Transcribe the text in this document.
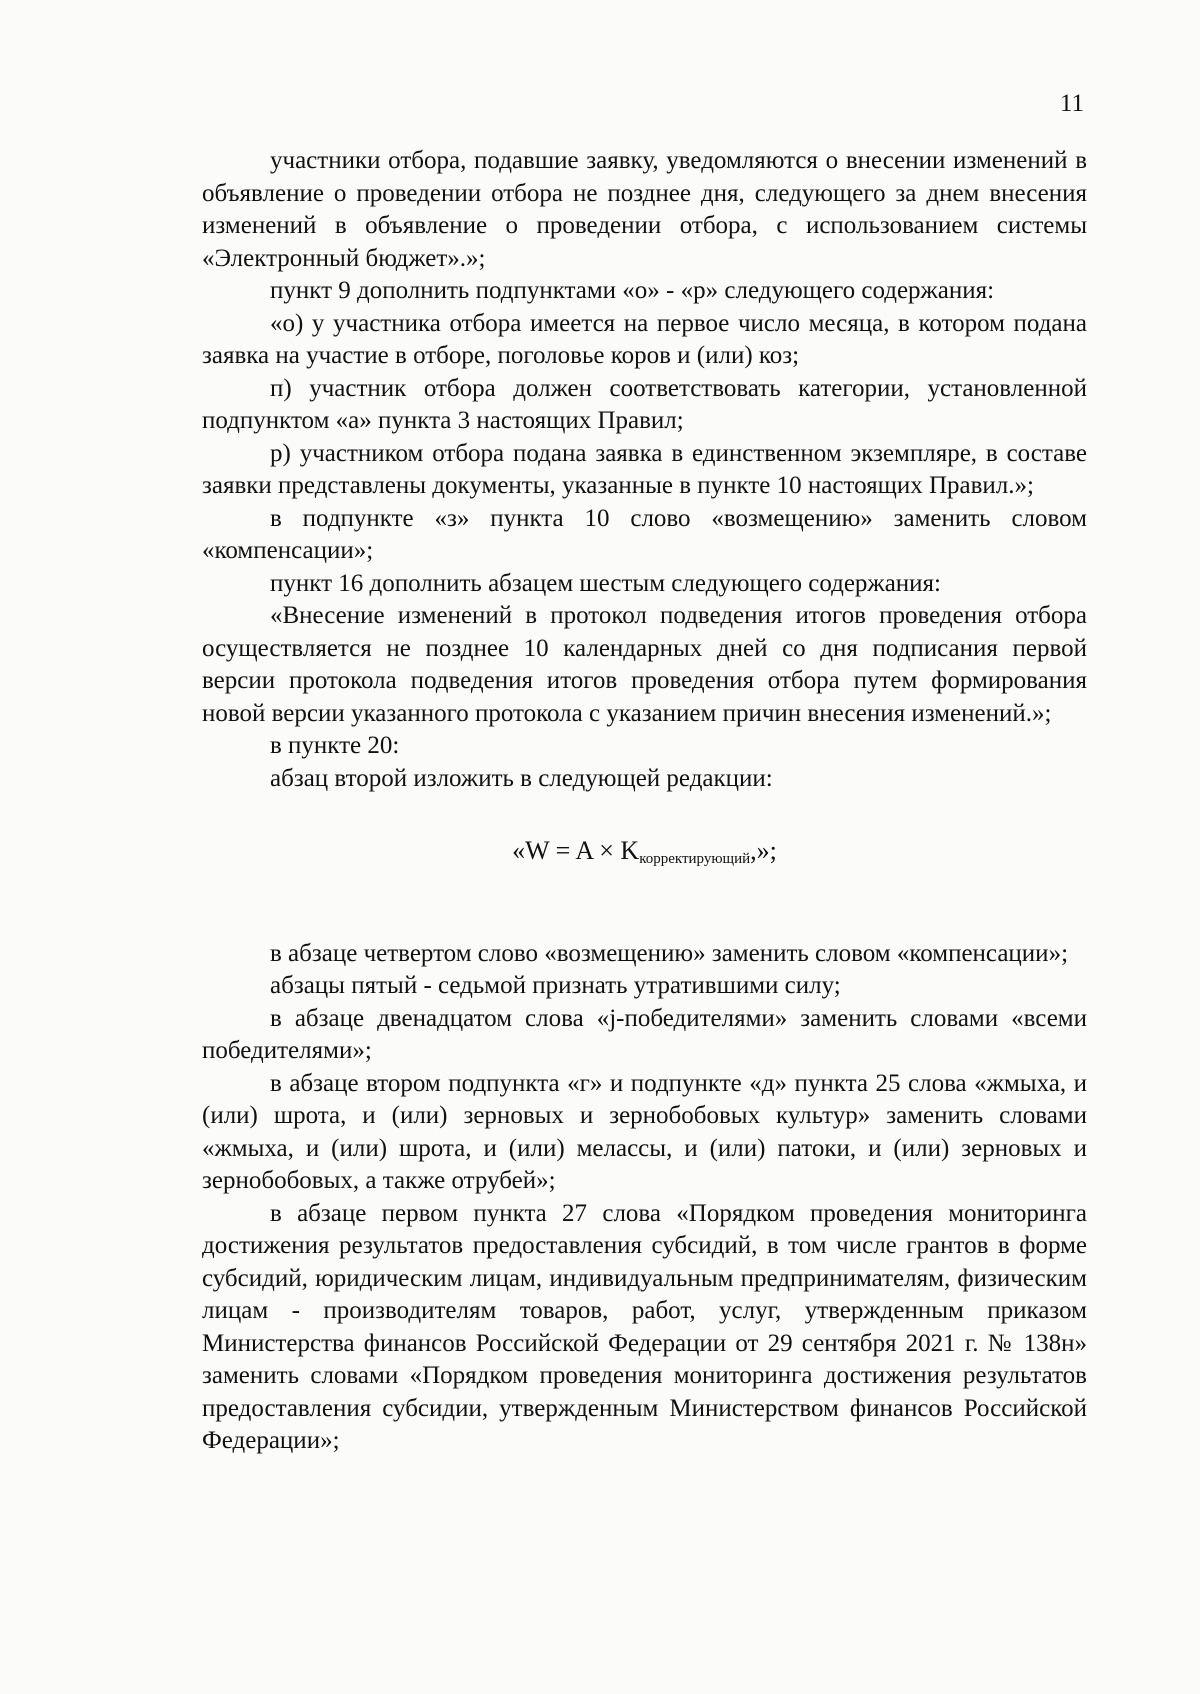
11

участники отбора, подавшие заявку, уведомляются о внесении изменений в объявление о проведении отбора не позднее дня, следующего за днем внесения изменений в объявление о проведении отбора, с использованием системы «Электронный бюджет».»;

пункт 9 дополнить подпунктами «о» - «р» следующего содержания:

«о) у участника отбора имеется на первое число месяца, в котором подана заявка на участие в отборе, поголовье коров и (или) коз;

п) участник отбора должен соответствовать категории, установленной подпунктом «а» пункта 3 настоящих Правил;

р) участником отбора подана заявка в единственном экземпляре, в составе заявки представлены документы, указанные в пункте 10 настоящих Правил.»;

в подпункте «з» пункта 10 слово «возмещению» заменить словом «компенсации»;

пункт 16 дополнить абзацем шестым следующего содержания:

«Внесение изменений в протокол подведения итогов проведения отбора осуществляется не позднее 10 календарных дней со дня подписания первой версии протокола подведения итогов проведения отбора путем формирования новой версии указанного протокола с указанием причин внесения изменений.»;

в пункте 20:

абзац второй изложить в следующей редакции:

«$W = A \times K_{корректирующий}$,»;

в абзаце четвертом слово «возмещению» заменить словом «компенсации»;

абзацы пятый - седьмой признать утратившими силу;

в абзаце двенадцатом слова «j-победителями» заменить словами «всеми победителями»;

в абзаце втором подпункта «г» и подпункте «д» пункта 25 слова «жмыха, и (или) шрота, и (или) зерновых и зернобобовых культур» заменить словами «жмыха, и (или) шрота, и (или) мелассы, и (или) патоки, и (или) зерновых и зернобобовых, а также отрубей»;

в абзаце первом пункта 27 слова «Порядком проведения мониторинга достижения результатов предоставления субсидий, в том числе грантов в форме субсидий, юридическим лицам, индивидуальным предпринимателям, физическим лицам - производителям товаров, работ, услуг, утвержденным приказом Министерства финансов Российской Федерации от 29 сентября 2021 г. № 138н» заменить словами «Порядком проведения мониторинга достижения результатов предоставления субсидии, утвержденным Министерством финансов Российской Федерации»;
